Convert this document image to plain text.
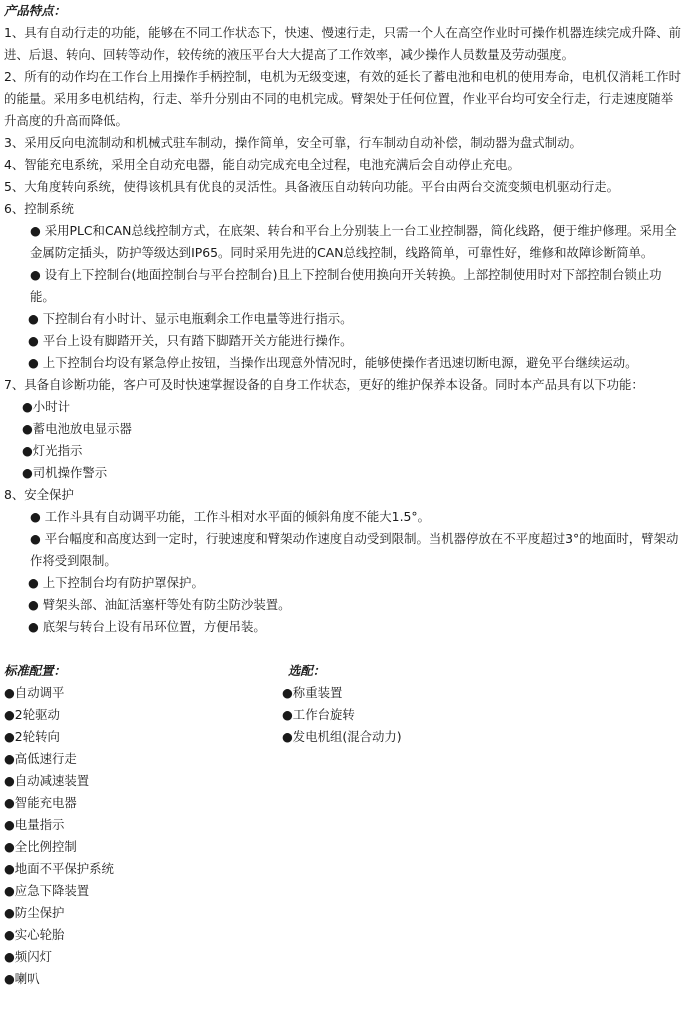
产品特点：
1、具有自动行走的功能，能够在不同工作状态下，快速、慢速行走，只需一个人在高空作业时可操作机器连续完成升降、前进、后退、转向、回转等动作，较传统的液压平台大大提高了工作效率，减少操作人员数量及劳动强度。
2、所有的动作均在工作台上用操作手柄控制，电机为无级变速，有效的延长了蓄电池和电机的使用寿命，电机仅消耗工作时的能量。采用多电机结构，行走、举升分别由不同的电机完成。臂架处于任何位置，作业平台均可安全行走，行走速度随举升高度的升高而降低。
3、采用反向电流制动和机械式驻车制动，操作简单，安全可靠，行车制动自动补偿，制动器为盘式制动。
4、智能充电系统，采用全自动充电器，能自动完成充电全过程，电池充满后会自动停止充电。
5、大角度转向系统，使得该机具有优良的灵活性。具备液压自动转向功能。平台由两台交流变频电机驱动行走。
6、控制系统
● 采用PLC和CAN总线控制方式，在底架、转台和平台上分别装上一台工业控制器，简化线路，便于维护修理。采用全金属防定插头，防护等级达到IP65。同时采用先进的CAN总线控制，线路简单，可靠性好，维修和故障诊断简单。
● 设有上下控制台(地面控制台与平台控制台)且上下控制台使用换向开关转换。上部控制使用时对下部控制台锁止功能。
● 下控制台有小时计、显示电瓶剩余工作电量等进行指示。
● 平台上设有脚踏开关，只有踏下脚踏开关方能进行操作。
● 上下控制台均设有紧急停止按钮，当操作出现意外情况时，能够使操作者迅速切断电源，避免平台继续运动。
7、具备自诊断功能，客户可及时快速掌握设备的自身工作状态，更好的维护保养本设备。同时本产品具有以下功能：
●小时计
●蓄电池放电显示器
●灯光指示
●司机操作警示
8、安全保护
● 工作斗具有自动调平功能，工作斗相对水平面的倾斜角度不能大1.5°。
● 平台幅度和高度达到一定时，行驶速度和臂架动作速度自动受到限制。当机器停放在不平度超过3°的地面时，臂架动作将受到限制。
● 上下控制台均有防护罩保护。
● 臂架头部、油缸活塞杆等处有防尘防沙装置。
● 底架与转台上设有吊环位置，方便吊装。
标准配置：
●自动调平
●2轮驱动
●2轮转向
●高低速行走
●自动减速装置
●智能充电器
●电量指示
●全比例控制
●地面不平保护系统
●应急下降装置
●防尘保护
●实心轮胎
●频闪灯
●喇叭
选配：
●称重装置
●工作台旋转
●发电机组(混合动力)
